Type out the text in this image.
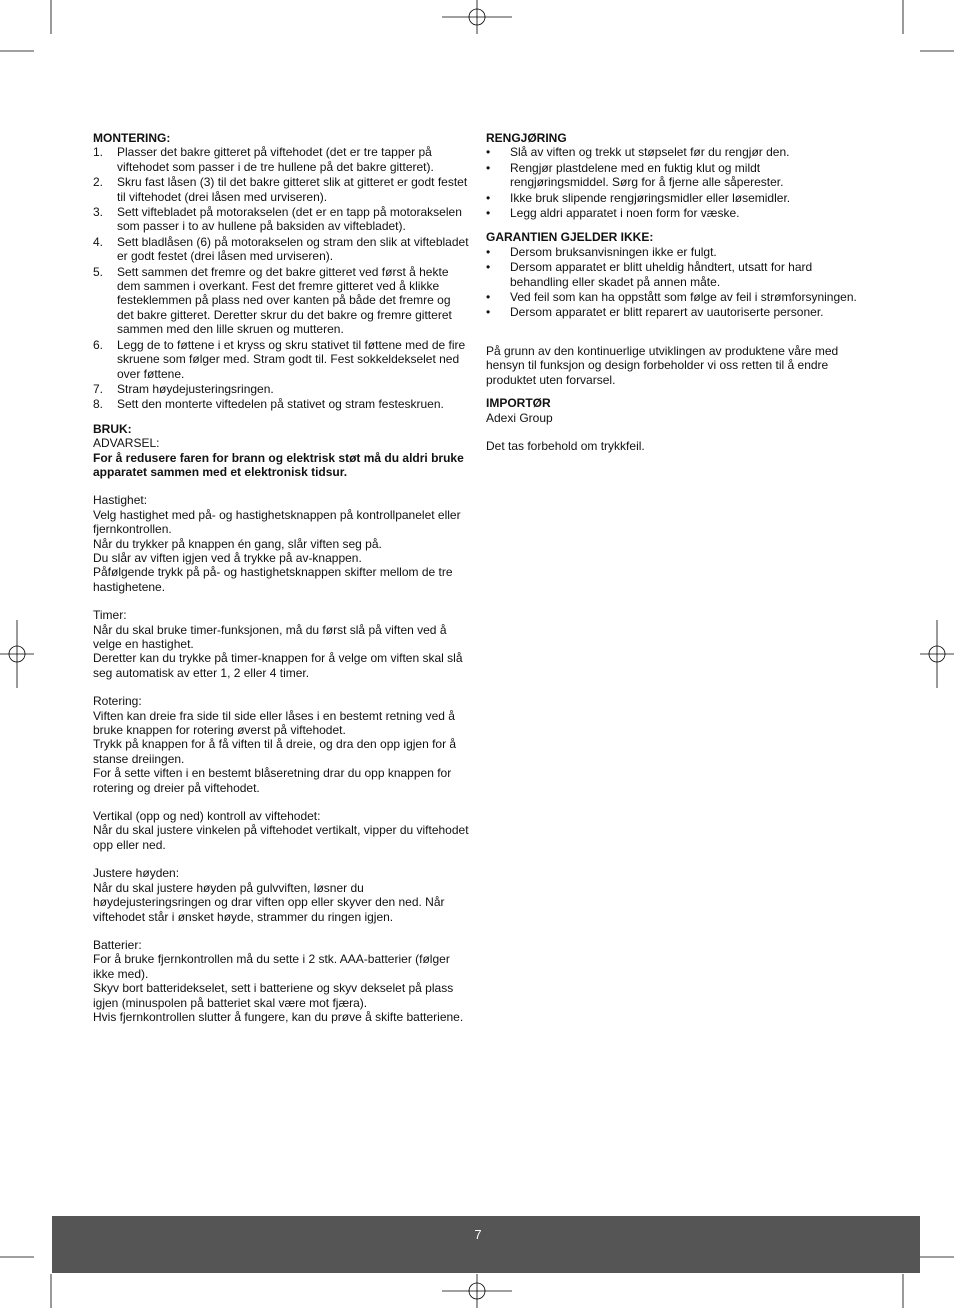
MONTERING:

1. Plasser det bakre gitteret på viftehodet (det er tre tapper på viftehodet som passer i de tre hullene på det bakre gitteret).
2. Skru fast låsen (3) til det bakre gitteret slik at gitteret er godt festet til viftehodet (drei låsen med urviseren).
3. Sett viftebladet på motorakselen (det er en tapp på motorakselen som passer i to av hullene på baksiden av viftebladet).
4. Sett bladlåsen (6) på motorakselen og stram den slik at viftebladet er godt festet (drei låsen med urviseren).
5. Sett sammen det fremre og det bakre gitteret ved først å hekte dem sammen i overkant. Fest det fremre gitteret ved å klikke festeklemmen på plass ned over kanten på både det fremre og det bakre gitteret. Deretter skrur du det bakre og fremre gitteret sammen med den lille skruen og mutteren.
6. Legg de to føttene i et kryss og skru stativet til føttene med de fire skruene som følger med. Stram godt til. Fest sokkeldekselet ned over føttene.
7. Stram høydejusteringsringen.
8. Sett den monterte viftedelen på stativet og stram festeskruen.

BRUK:

ADVARSEL:

For å redusere faren for brann og elektrisk støt må du aldri bruke apparatet sammen med et elektronisk tidsur.

Hastighet:

Velg hastighet med på- og hastighetsknappen på kontrollpanelet eller fjernkontrollen.

Når du trykker på knappen én gang, slår viften seg på.

Du slår av viften igjen ved å trykke på av-knappen.

Påfølgende trykk på på- og hastighetsknappen skifter mellom de tre hastighetene.

Timer:

Når du skal bruke timer-funksjonen, må du først slå på viften ved å velge en hastighet.

Deretter kan du trykke på timer-knappen for å velge om viften skal slå seg automatisk av etter 1, 2 eller 4 timer.

Rotering:

Viften kan dreie fra side til side eller låses i en bestemt retning ved å bruke knappen for rotering øverst på viftehodet.

Trykk på knappen for å få viften til å dreie, og dra den opp igjen for å stanse dreiingen.

For å sette viften i en bestemt blåseretning drar du opp knappen for rotering og dreier på viftehodet.

Vertikal (opp og ned) kontroll av viftehodet:

Når du skal justere vinkelen på viftehodet vertikalt, vipper du viftehodet opp eller ned.

Justere høyden:

Når du skal justere høyden på gulvviften, løsner du høydejusteringsringen og drar viften opp eller skyver den ned. Når viftehodet står i ønsket høyde, strammer du ringen igjen.

Batterier:

For å bruke fjernkontrollen må du sette i 2 stk. AAA-batterier (følger ikke med).

Skyv bort batteridekselet, sett i batteriene og skyv dekselet på plass igjen (minuspolen på batteriet skal være mot fjæra).

Hvis fjernkontrollen slutter å fungere, kan du prøve å skifte batteriene.

RENGJØRING

• Slå av viften og trekk ut støpselet før du rengjør den.
• Rengjør plastdelene med en fuktig klut og mildt rengjøringsmiddel. Sørg for å fjerne alle såperester.
• Ikke bruk slipende rengjøringsmidler eller løsemidler.
• Legg aldri apparatet i noen form for væske.

GARANTIEN GJELDER IKKE:

• Dersom bruksanvisningen ikke er fulgt.
• Dersom apparatet er blitt uheldig håndtert, utsatt for hard behandling eller skadet på annen måte.
• Ved feil som kan ha oppstått som følge av feil i strømforsyningen.
• Dersom apparatet er blitt reparert av uautoriserte personer.

På grunn av den kontinuerlige utviklingen av produktene våre med hensyn til funksjon og design forbeholder vi oss retten til å endre produktet uten forvarsel.

IMPORTØR

Adexi Group

Det tas forbehold om trykkfeil.

7
